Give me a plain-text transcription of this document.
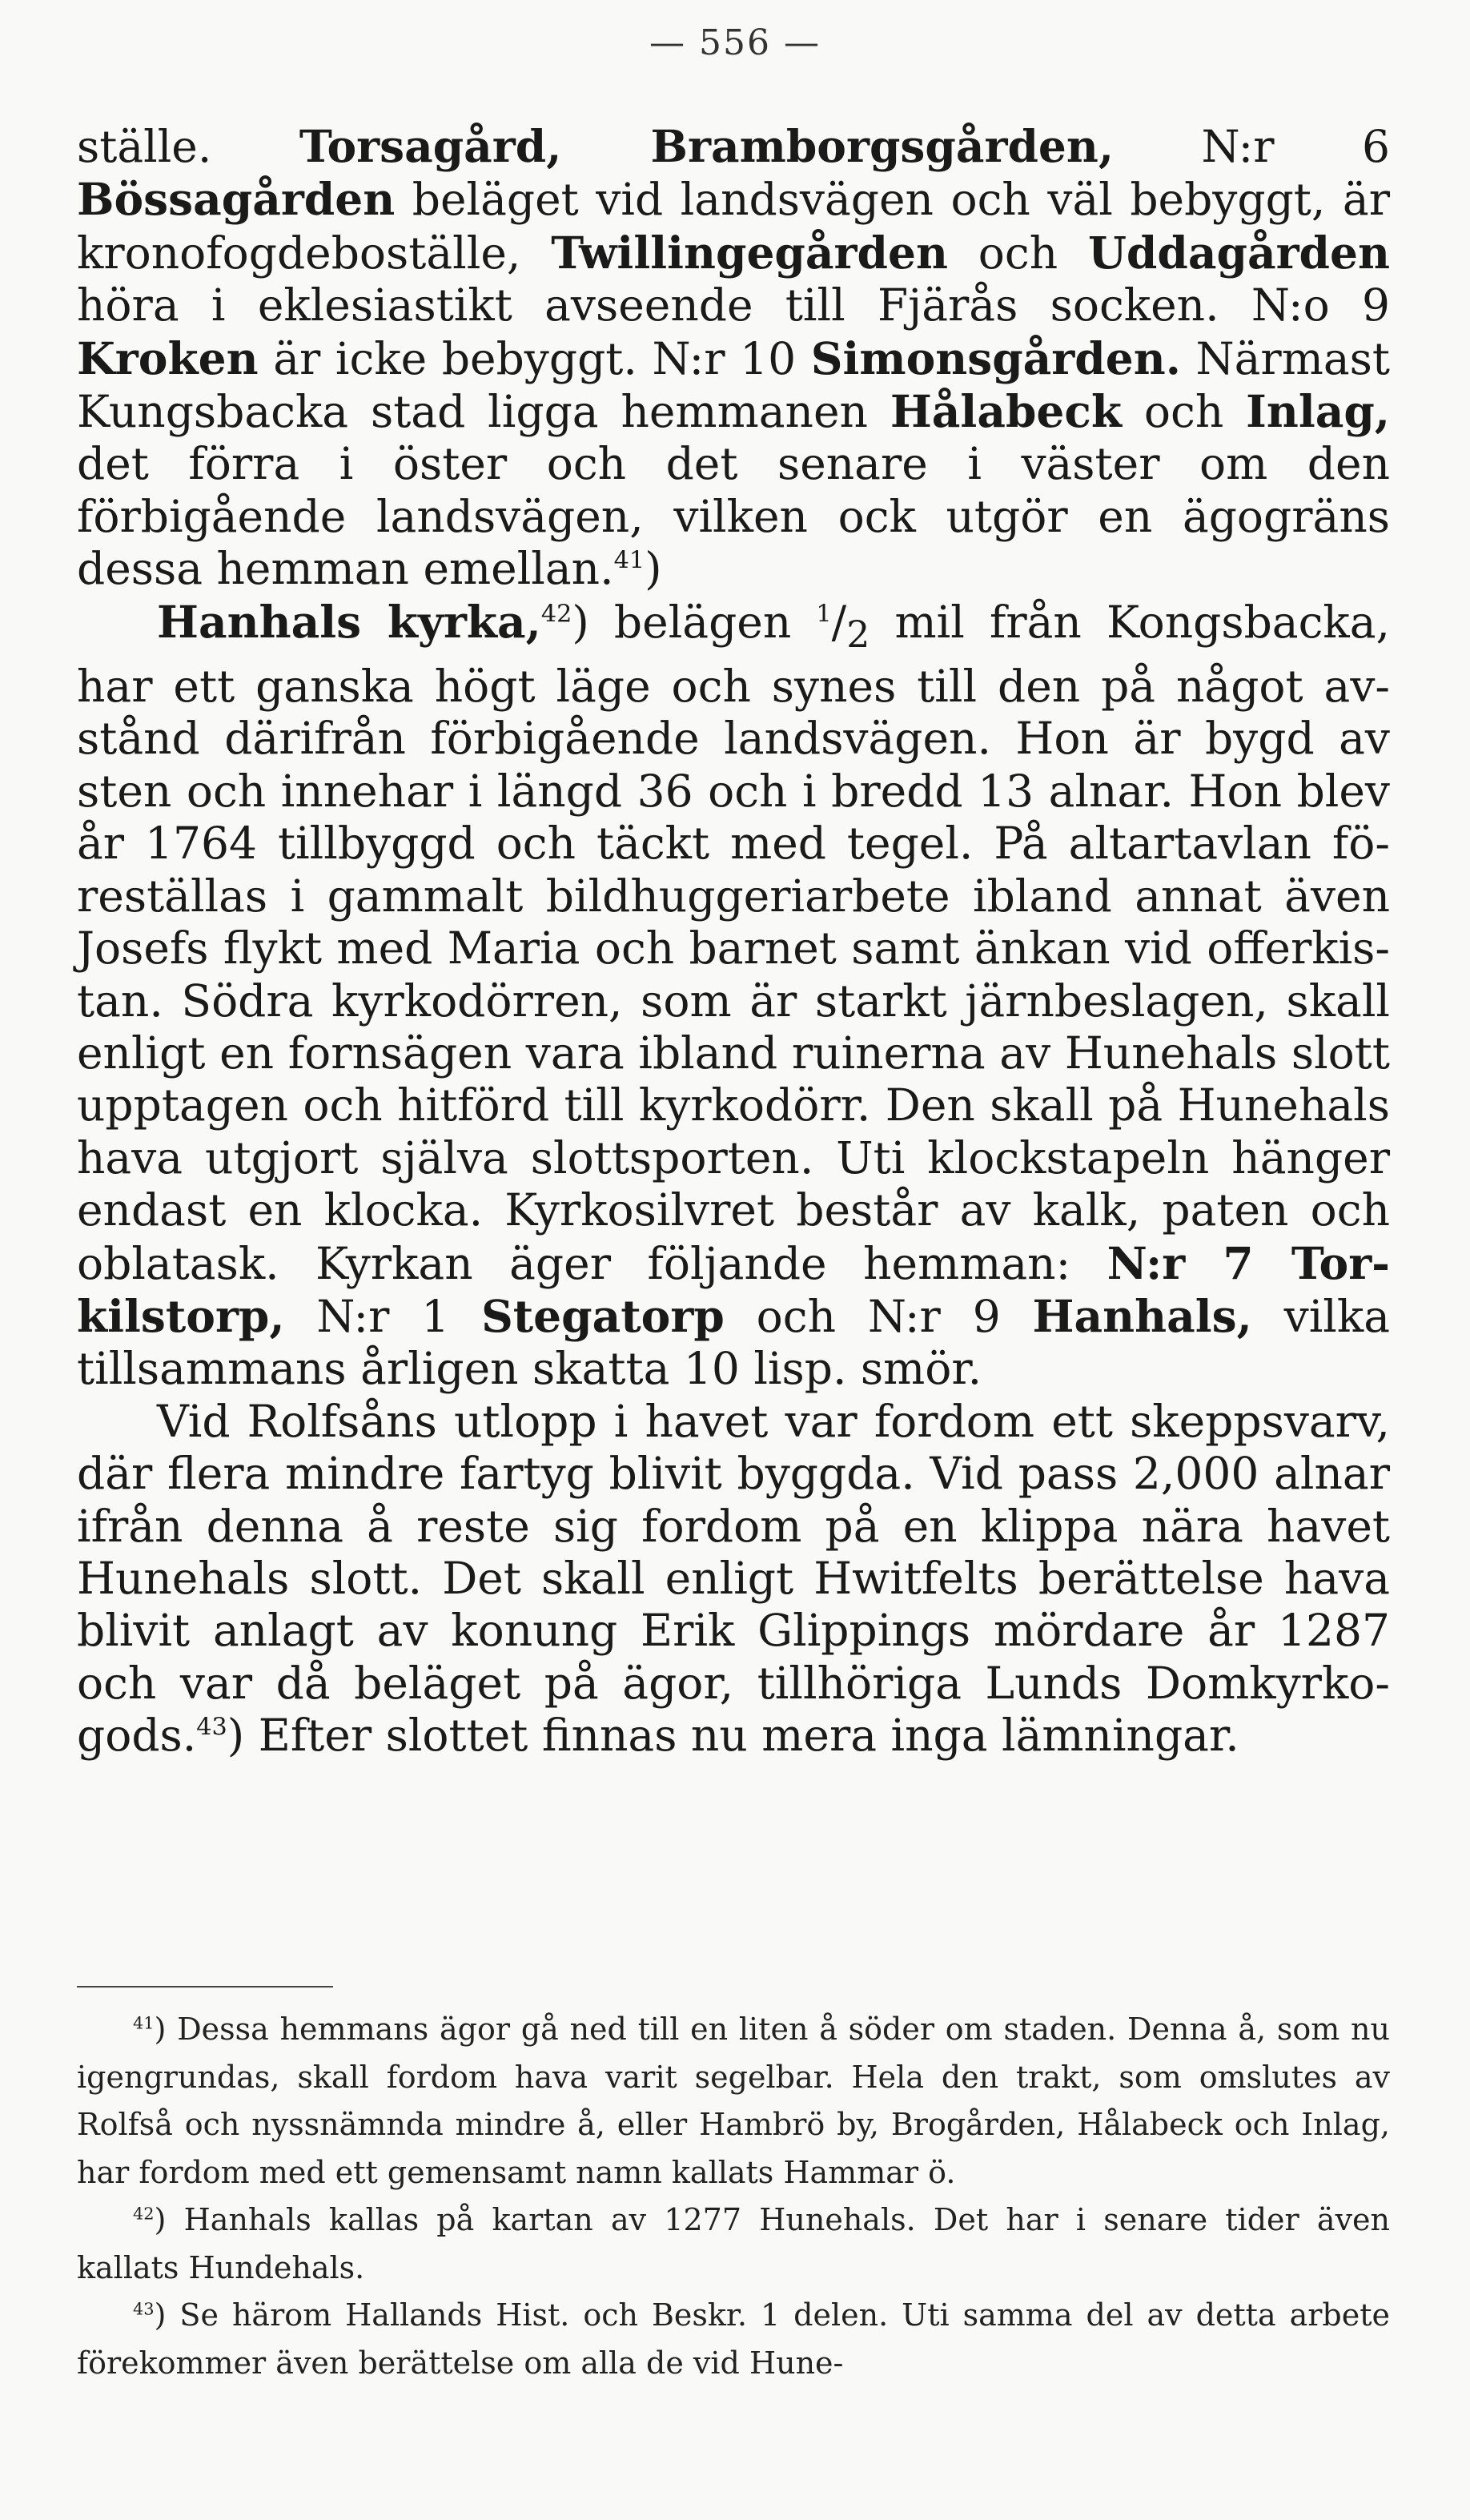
— 556 —

ställe. Torsagård, Bramborgsgården, N:r 6 Bössagården beläget vid landsvägen och väl bebyggt, är kronofogdeboställe, Twillingegården och Uddagården höra i eklesiastikt avseende till Fjärås socken. N:o 9 Kroken är icke bebyggt. N:r 10 Simonsgården. Närmast Kungsbacka stad ligga hemmanen Hålabeck och Inlag, det förra i öster och det senare i väster om den förbigående landsvägen, vilken ock utgör en ägogräns dessa hemman emellan.$^{41}$)

Hanhals kyrka,$^{42}$) belägen $^1/_2$ mil från Kongsbacka, har ett ganska högt läge och synes till den på något avstånd därifrån förbigående landsvägen. Hon är bygd av sten och innehar i längd 36 och i bredd 13 alnar. Hon blev år 1764 tillbyggd och täckt med tegel. På altartavlan föreställas i gammalt bildhuggeriarbete ibland annat även Josefs flykt med Maria och barnet samt änkan vid offerkistan. Södra kyrkodörren, som är starkt järnbeslagen, skall enligt en fornsägen vara ibland ruinerna av Hunehals slott upptagen och hitförd till kyrkodörr. Den skall på Hunehals hava utgjort själva slottsporten. Uti klockstapeln hänger endast en klocka. Kyrkosilvret består av kalk, paten och oblatask. Kyrkan äger följande hemman: N:r 7 Torkilstorp, N:r 1 Stegatorp och N:r 9 Hanhals, vilka tillsammans årligen skatta 10 lisp. smör.

Vid Rolfsåns utlopp i havet var fordom ett skeppsvarv, där flera mindre fartyg blivit byggda. Vid pass 2,000 alnar ifrån denna å reste sig fordom på en klippa nära havet Hunehals slott. Det skall enligt Hwitfelts berättelse hava blivit anlagt av konung Erik Glippings mördare år 1287 och var då beläget på ägor, tillhöriga Lunds Domkyrkogods.$^{43}$) Efter slottet finnas nu mera inga lämningar.

$^{41}$) Dessa hemmans ägor gå ned till en liten å söder om staden. Denna å, som nu igengrundas, skall fordom hava varit segelbar. Hela den trakt, som omslutes av Rolfså och nyssnämnda mindre å, eller Hambrö by, Brogården, Hålabeck och Inlag, har fordom med ett gemensamt namn kallats Hammar ö.

$^{42}$) Hanhals kallas på kartan av 1277 Hunehals. Det har i senare tider även kallats Hundehals.

$^{43}$) Se härom Hallands Hist. och Beskr. 1 delen. Uti samma del av detta arbete förekommer även berättelse om alla de vid Hune-
